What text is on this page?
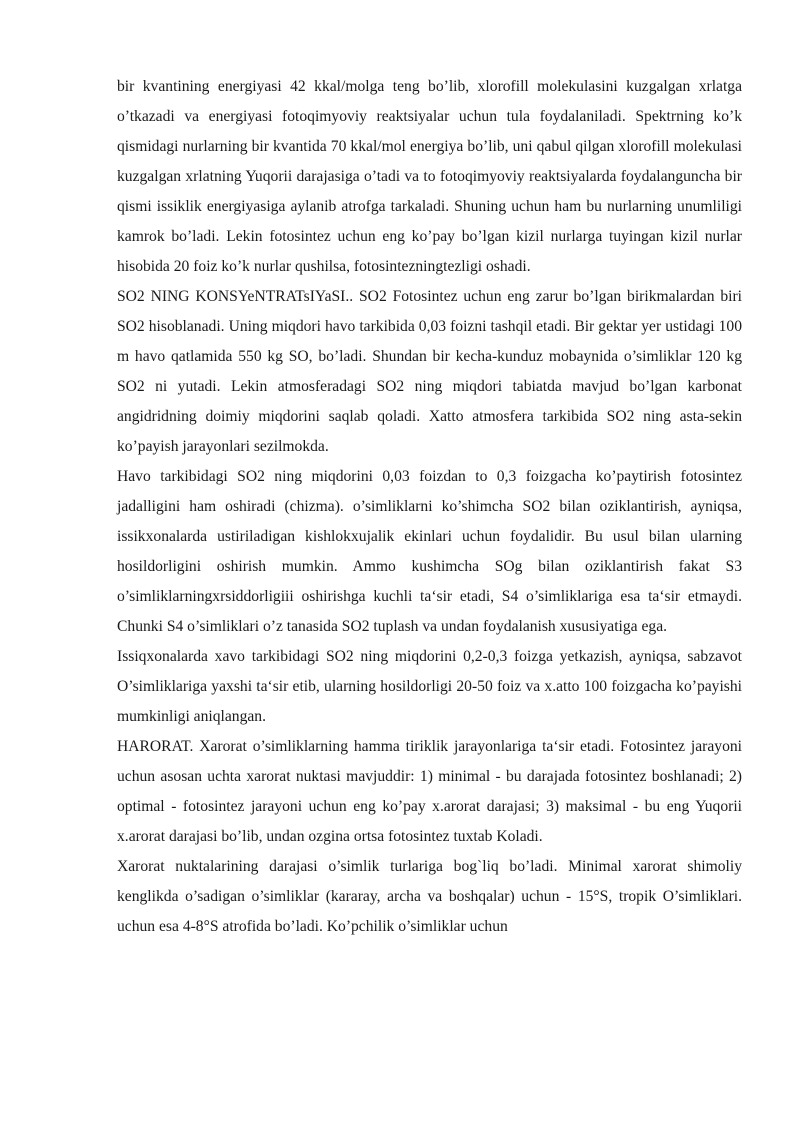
bir kvantining energiyasi 42 kkal/molga teng bo’lib, xlorofill molekulasini kuzgalgan xrlatga o’tkazadi va energiyasi fotoqimyoviy reaktsiyalar uchun tula foydalaniladi. Spektrning ko’k qismidagi nurlarning bir kvantida 70 kkal/mol energiya bo’lib, uni qabul qilgan xlorofill molekulasi kuzgalgan xrlatning Yuqorii darajasiga o’tadi va to fotoqimyoviy reaktsiyalarda foydalanguncha bir qismi issiklik energiyasiga aylanib atrofga tarkaladi. Shuning uchun ham bu nurlarning unumliligi kamrok bo’ladi. Lekin fotosintez uchun eng ko’pay bo’lgan kizil nurlarga tuyingan kizil nurlar hisobida 20 foiz ko’k nurlar qushilsa, fotosintezningtezligi oshadi.

SO2 NING KONSYeNTRATsIYaSI.. SO2 Fotosintez uchun eng zarur bo’lgan birikmalardan biri SO2 hisoblanadi. Uning miqdori havo tarkibida 0,03 foizni tashqil etadi. Bir gektar yer ustidagi 100 m havo qatlamida 550 kg SO, bo’ladi. Shundan bir kecha-kunduz mobaynida o’simliklar 120 kg SO2 ni yutadi. Lekin atmosferadagi SO2 ning miqdori tabiatda mavjud bo’lgan karbonat angidridning doimiy miqdorini saqlab qoladi. Xatto atmosfera tarkibida SO2 ning asta-sekin ko’payish jarayonlari sezilmokda.

Havo tarkibidagi SO2 ning miqdorini 0,03 foizdan to 0,3 foizgacha ko’paytirish fotosintez jadalligini ham oshiradi (chizma). o’simliklarni ko’shimcha SO2 bilan oziklantirish, ayniqsa, issikxonalarda ustiriladigan kishlokxujalik ekinlari uchun foydalidir. Bu usul bilan ularning hosildorligini oshirish mumkin. Ammo kushimcha SOg bilan oziklantirish fakat S3 o’simliklarningxrsiddorligiii oshirishga kuchli ta‘sir etadi, S4 o’simliklariga esa ta‘sir etmaydi. Chunki S4 o’simliklari o’z tanasida SO2 tuplash va undan foydalanish xususiyatiga ega.

Issiqxonalarda xavo tarkibidagi SO2 ning miqdorini 0,2-0,3 foizga yetkazish, ayniqsa, sabzavot O’simliklariga yaxshi ta‘sir etib, ularning hosildorligi 20-50 foiz va x.atto 100 foizgacha ko’payishi mumkinligi aniqlangan.

HARORAT. Xarorat o’simliklarning hamma tiriklik jarayonlariga ta‘sir etadi. Fotosintez jarayoni uchun asosan uchta xarorat nuktasi mavjuddir: 1) minimal - bu darajada fotosintez boshlanadi; 2) optimal - fotosintez jarayoni uchun eng ko’pay x.arorat darajasi; 3) maksimal - bu eng Yuqorii x.arorat darajasi bo’lib, undan ozgina ortsa fotosintez tuxtab Koladi.

Xarorat nuktalarining darajasi o’simlik turlariga bog`liq bo’ladi. Minimal xarorat shimoliy kenglikda o’sadigan o’simliklar (kararay, archa va boshqalar) uchun - 15°S, tropik O’simliklari. uchun esa 4-8°S atrofida bo’ladi. Ko’pchilik o’simliklar uchun
